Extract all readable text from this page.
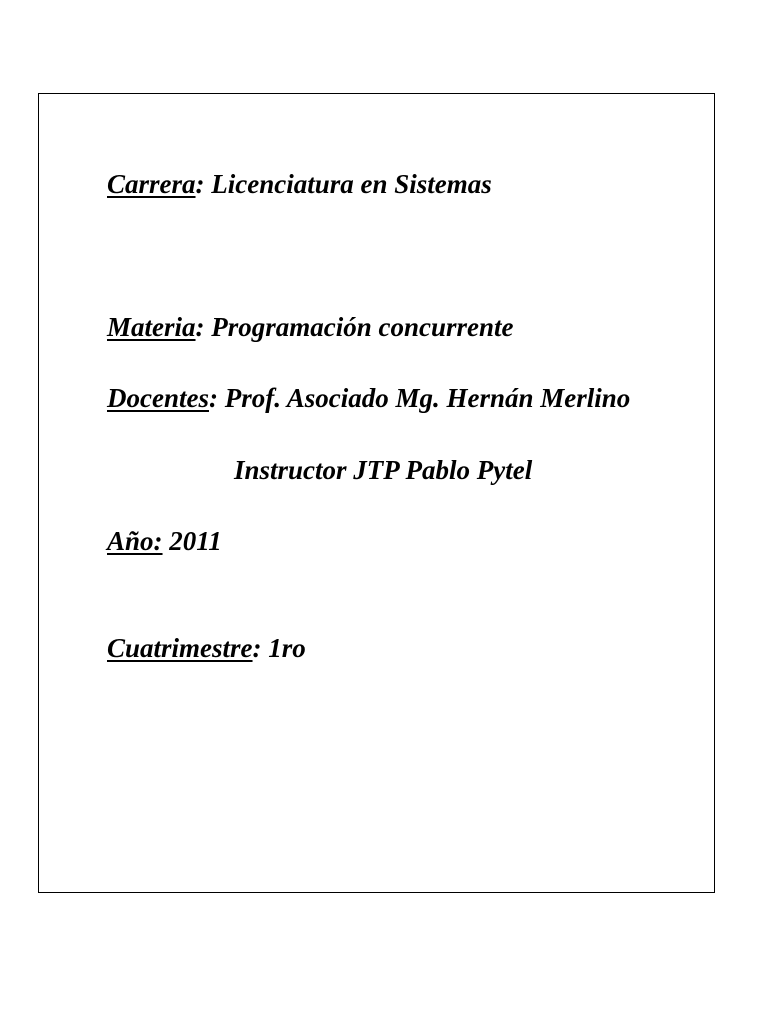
Carrera: Licenciatura en Sistemas
Materia: Programación concurrente
Docentes: Prof. Asociado Mg. Hernán Merlino
Instructor JTP Pablo Pytel
Año: 2011
Cuatrimestre: 1ro
